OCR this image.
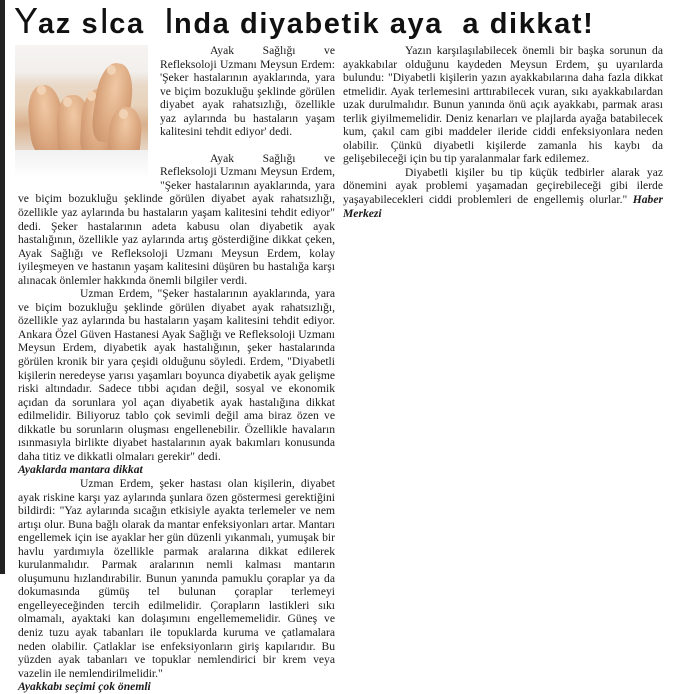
Yaz sIca  Inda diyabetik aya  a dikkat!

Ayak Sağlığı ve Refleksoloji Uzmanı Meysun Erdem: 'Şeker hastalarının ayaklarında, yara ve biçim bozukluğu şeklinde görülen diyabet ayak rahatsızlığı, özellikle yaz aylarında bu hastaların yaşam kalitesini tehdit ediyor' dedi.

Ayak Sağlığı ve Refleksoloji Uzmanı Meysun Erdem, "Şeker hastalarının ayaklarında, yara ve biçim bozukluğu şeklinde görülen diyabet ayak rahatsızlığı, özellikle yaz aylarında bu hastaların yaşam kalitesini tehdit ediyor" dedi. Şeker hastalarının adeta kabusu olan diyabetik ayak hastalığının, özellikle yaz aylarında artış gösterdiğine dikkat çeken, Ayak Sağlığı ve Refleksoloji Uzmanı Meysun Erdem, kolay iyileşmeyen ve hastanın yaşam kalitesini düşüren bu hastalığa karşı alınacak önlemler hakkında önemli bilgiler verdi.

Uzman Erdem, "Şeker hastalarının ayaklarında, yara ve biçim bozukluğu şeklinde görülen diyabet ayak rahatsızlığı, özellikle yaz aylarında bu hastaların yaşam kalitesini tehdit ediyor. Ankara Özel Güven Hastanesi Ayak Sağlığı ve Refleksoloji Uzmanı Meysun Erdem, diyabetik ayak hastalığının, şeker hastalarında görülen kronik bir yara çeşidi olduğunu söyledi. Erdem, "Diyabetli kişilerin neredeyse yarısı yaşamları boyunca diyabetik ayak gelişme riski altındadır. Sadece tıbbi açıdan değil, sosyal ve ekonomik açıdan da sorunlara yol açan diyabetik ayak hastalığına dikkat edilmelidir. Biliyoruz tablo çok sevimli değil ama biraz özen ve dikkatle bu sorunların oluşması engellenebilir. Özellikle havaların ısınmasıyla birlikte diyabet hastalarının ayak bakımları konusunda daha titiz ve dikkatli olmaları gerekir" dedi.

Ayaklarda mantara dikkat

Uzman Erdem, şeker hastası olan kişilerin, diyabet ayak riskine karşı yaz aylarında şunlara özen göstermesi gerektiğini bildirdi: "Yaz aylarında sıcağın etkisiyle ayakta terlemeler ve nem artışı olur. Buna bağlı olarak da mantar enfeksiyonları artar. Mantarı engellemek için ise ayaklar her gün düzenli yıkanmalı, yumuşak bir havlu yardımıyla özellikle parmak aralarına dikkat edilerek kurulanmalıdır. Parmak aralarının nemli kalması mantarın oluşumunu hızlandırabilir. Bunun yanında pamuklu çoraplar ya da dokumasında gümüş tel bulunan çoraplar terlemeyi engelleyeceğinden tercih edilmelidir. Çorapların lastikleri sıkı olmamalı, ayaktaki kan dolaşımını engellememelidir. Güneş ve deniz tuzu ayak tabanları ile topuklarda kuruma ve çatlamalara neden olabilir. Çatlaklar ise enfeksiyonların giriş kapılarıdır. Bu yüzden ayak tabanları ve topuklar nemlendirici bir krem veya vazelin ile nemlendirilmelidir."

Ayakkabı seçimi çok önemli

Yazın karşılaşılabilecek önemli bir başka sorunun da ayakkabılar olduğunu kaydeden Meysun Erdem, şu uyarılarda bulundu: "Diyabetli kişilerin yazın ayakkabılarına daha fazla dikkat etmelidir. Ayak terlemesini arttırabilecek vuran, sıkı ayakkabılardan uzak durulmalıdır. Bunun yanında önü açık ayakkabı, parmak arası terlik giyilmemelidir. Deniz kenarları ve plajlarda ayağa batabilecek kum, çakıl cam gibi maddeler ileride ciddi enfeksiyonlara neden olabilir. Çünkü diyabetli kişilerde zamanla his kaybı da gelişebileceği için bu tip yaralanmalar fark edilemez.

Diyabetli kişiler bu tip küçük tedbirler alarak yaz dönemini ayak problemi yaşamadan geçirebileceği gibi ilerde yaşayabilecekleri ciddi problemleri de engellemiş olurlar." Haber Merkezi
